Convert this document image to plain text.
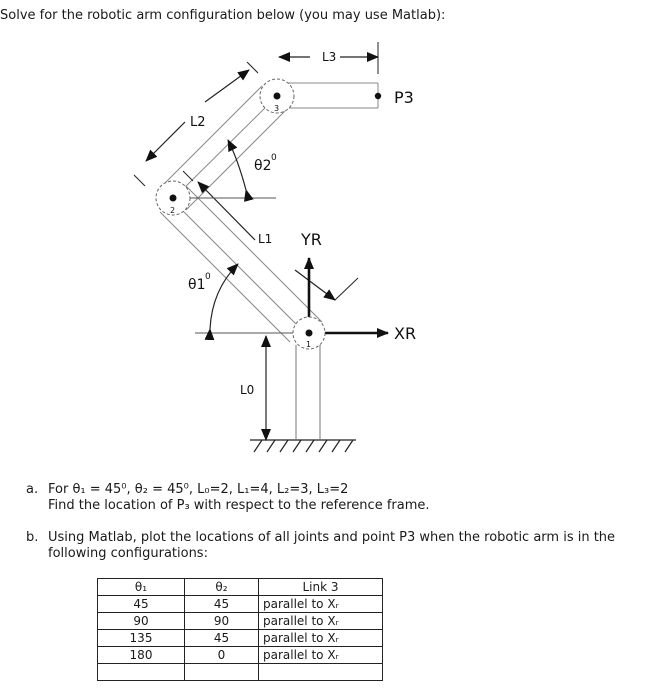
Solve for the robotic arm configuration below (you may use Matlab):
L3
P3
L2
θ2 0
L1 YR
θ1 0
XR
L0
1
2
3
a. For θ₁ = 45⁰, θ₂ = 45⁰, L₀=2, L₁=4, L₂=3, L₃=2
Find the location of P₃ with respect to the reference frame.
b. Using Matlab, plot the locations of all joints and point P3 when the robotic arm is in the
following configurations:
θ₁	θ₂	Link 3
45	45	parallel to Xᵣ
90	90	parallel to Xᵣ
135	45	parallel to Xᵣ
180	0	parallel to Xᵣ
